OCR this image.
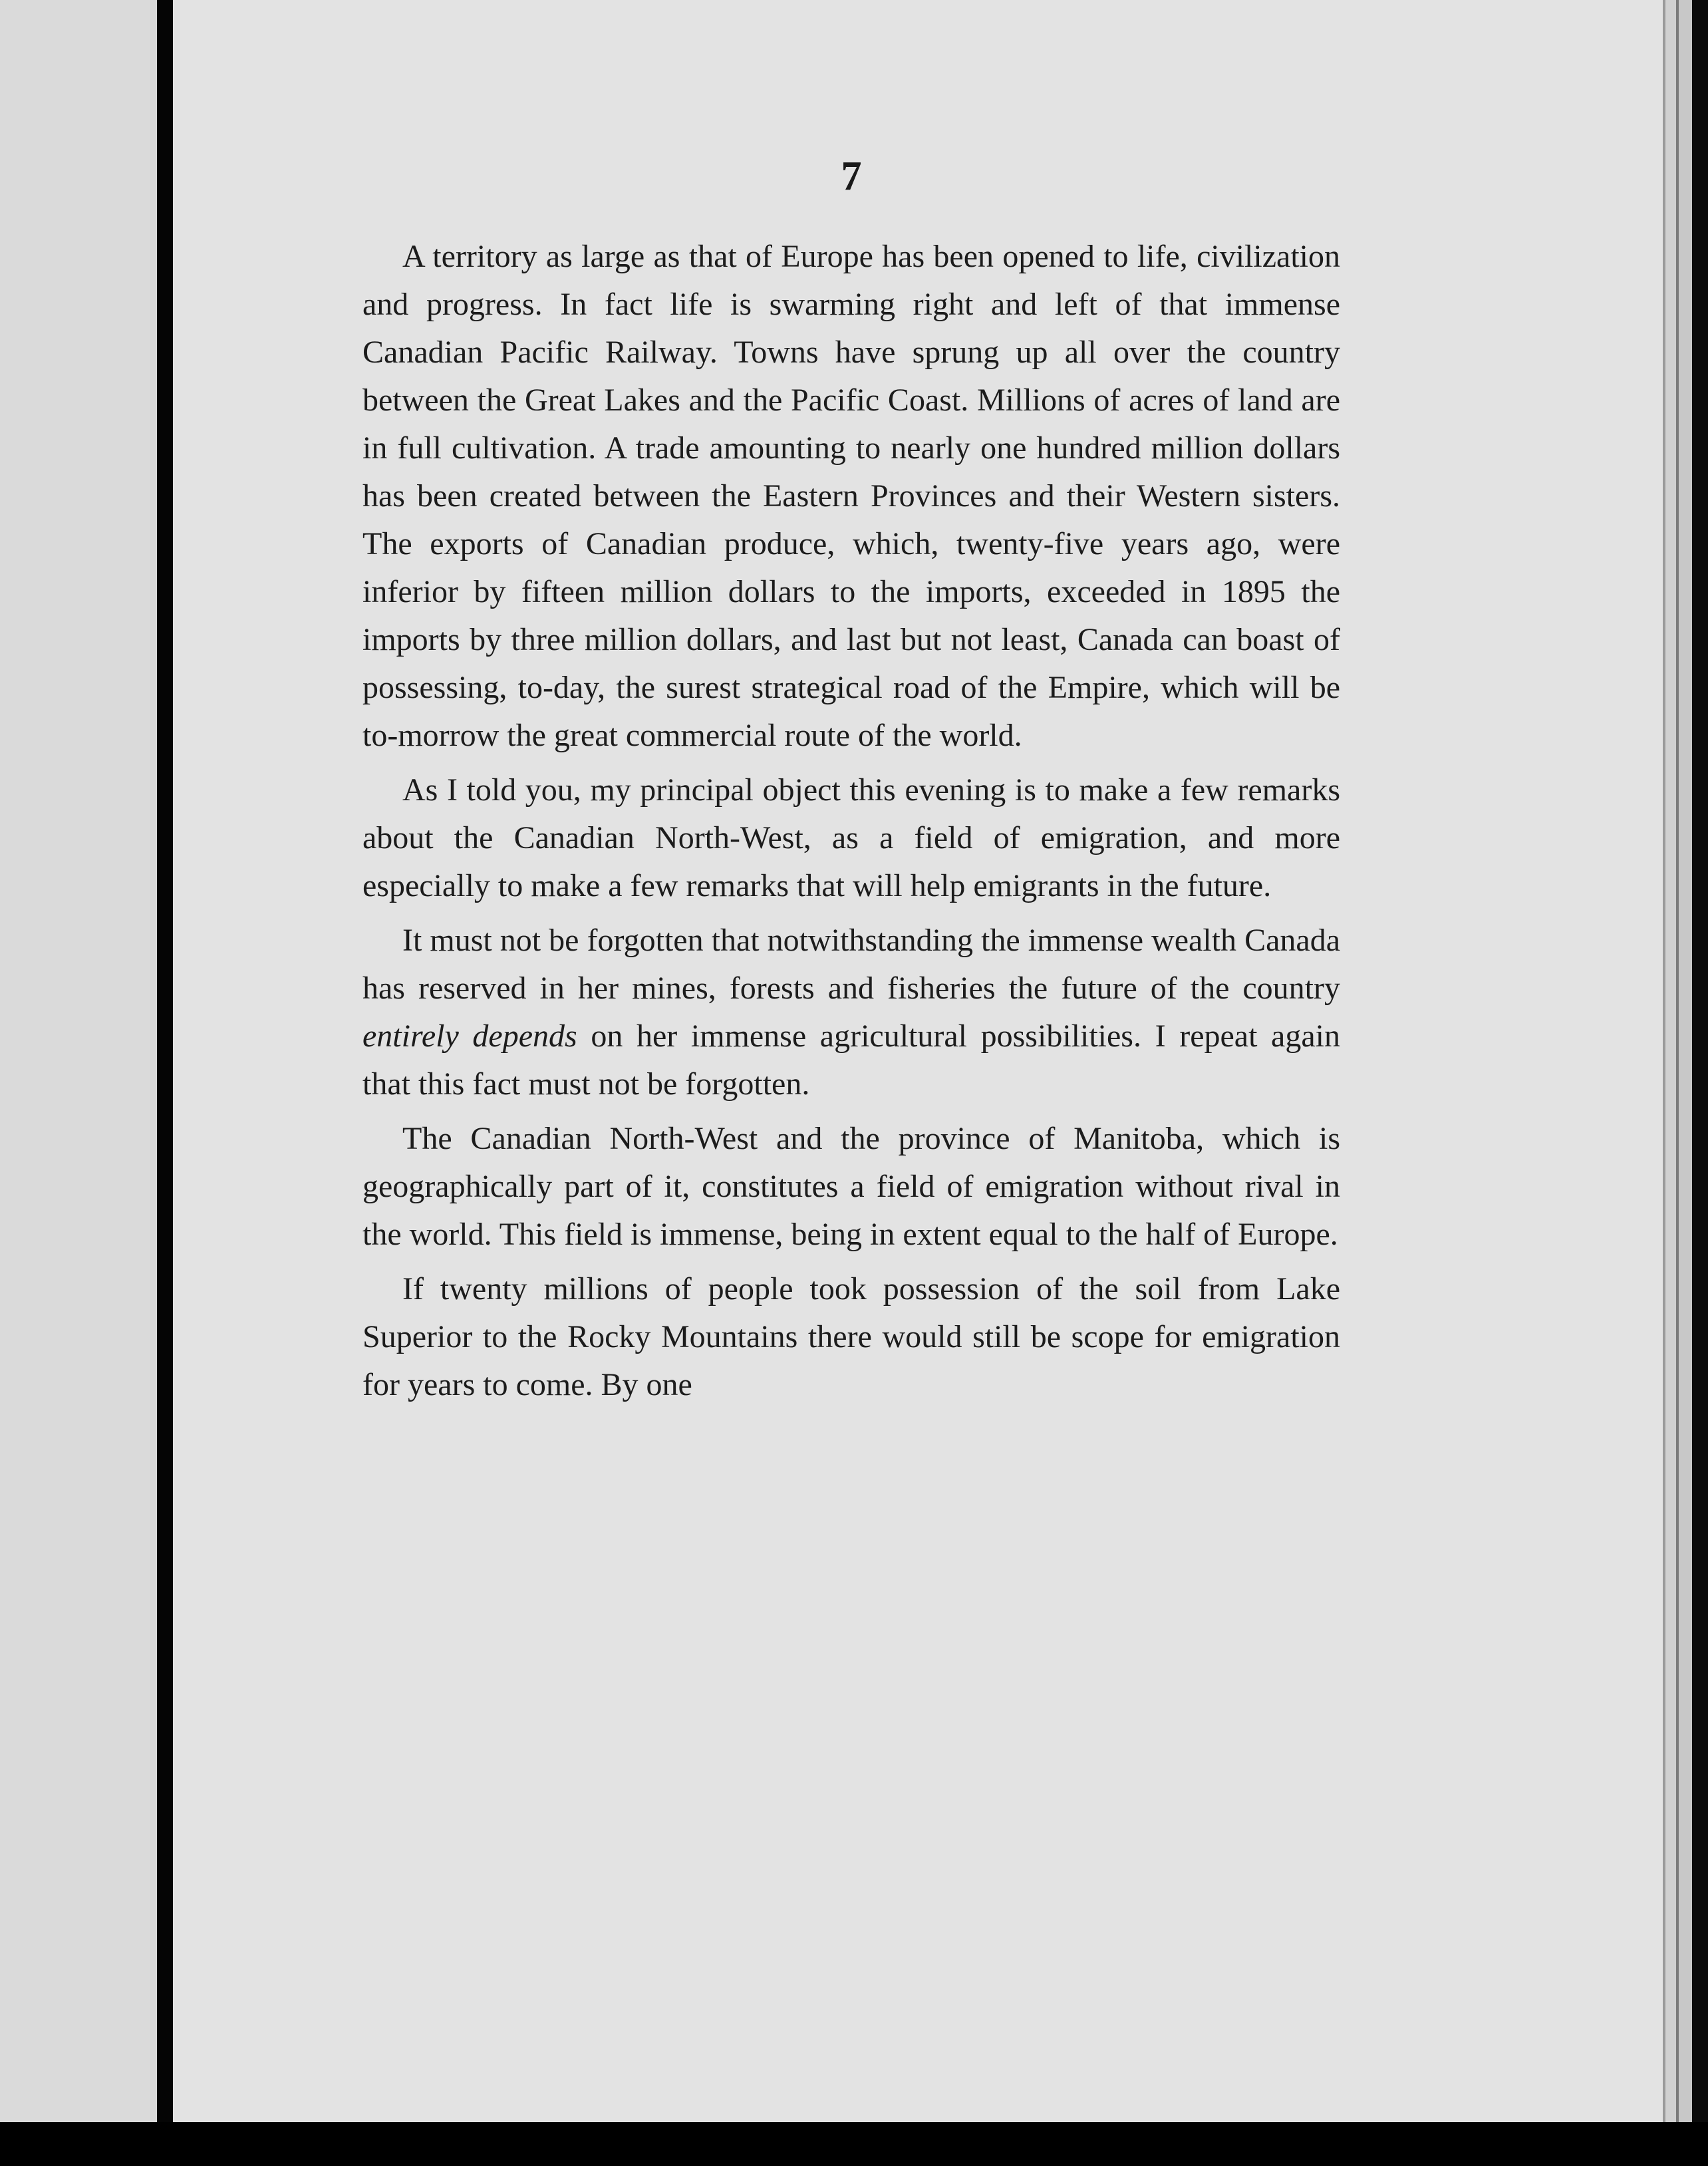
7

A territory as large as that of Europe has been opened to life, civilization and progress. In fact life is swarming right and left of that immense Canadian Pacific Railway. Towns have sprung up all over the country between the Great Lakes and the Pacific Coast. Millions of acres of land are in full cultivation. A trade amounting to nearly one hundred million dollars has been created between the Eastern Provinces and their Western sisters. The exports of Canadian produce, which, twenty-five years ago, were inferior by fifteen million dollars to the imports, exceeded in 1895 the imports by three million dollars, and last but not least, Canada can boast of possessing, to-day, the surest strategical road of the Empire, which will be to-morrow the great commercial route of the world.

As I told you, my principal object this evening is to make a few remarks about the Canadian North-West, as a field of emigration, and more especially to make a few remarks that will help emigrants in the future.

It must not be forgotten that notwithstanding the immense wealth Canada has reserved in her mines, forests and fisheries the future of the country entirely depends on her immense agricultural possibilities. I repeat again that this fact must not be forgotten.

The Canadian North-West and the province of Manitoba, which is geographically part of it, constitutes a field of emigration without rival in the world. This field is immense, being in extent equal to the half of Europe.

If twenty millions of people took possession of the soil from Lake Superior to the Rocky Mountains there would still be scope for emigration for years to come. By one
